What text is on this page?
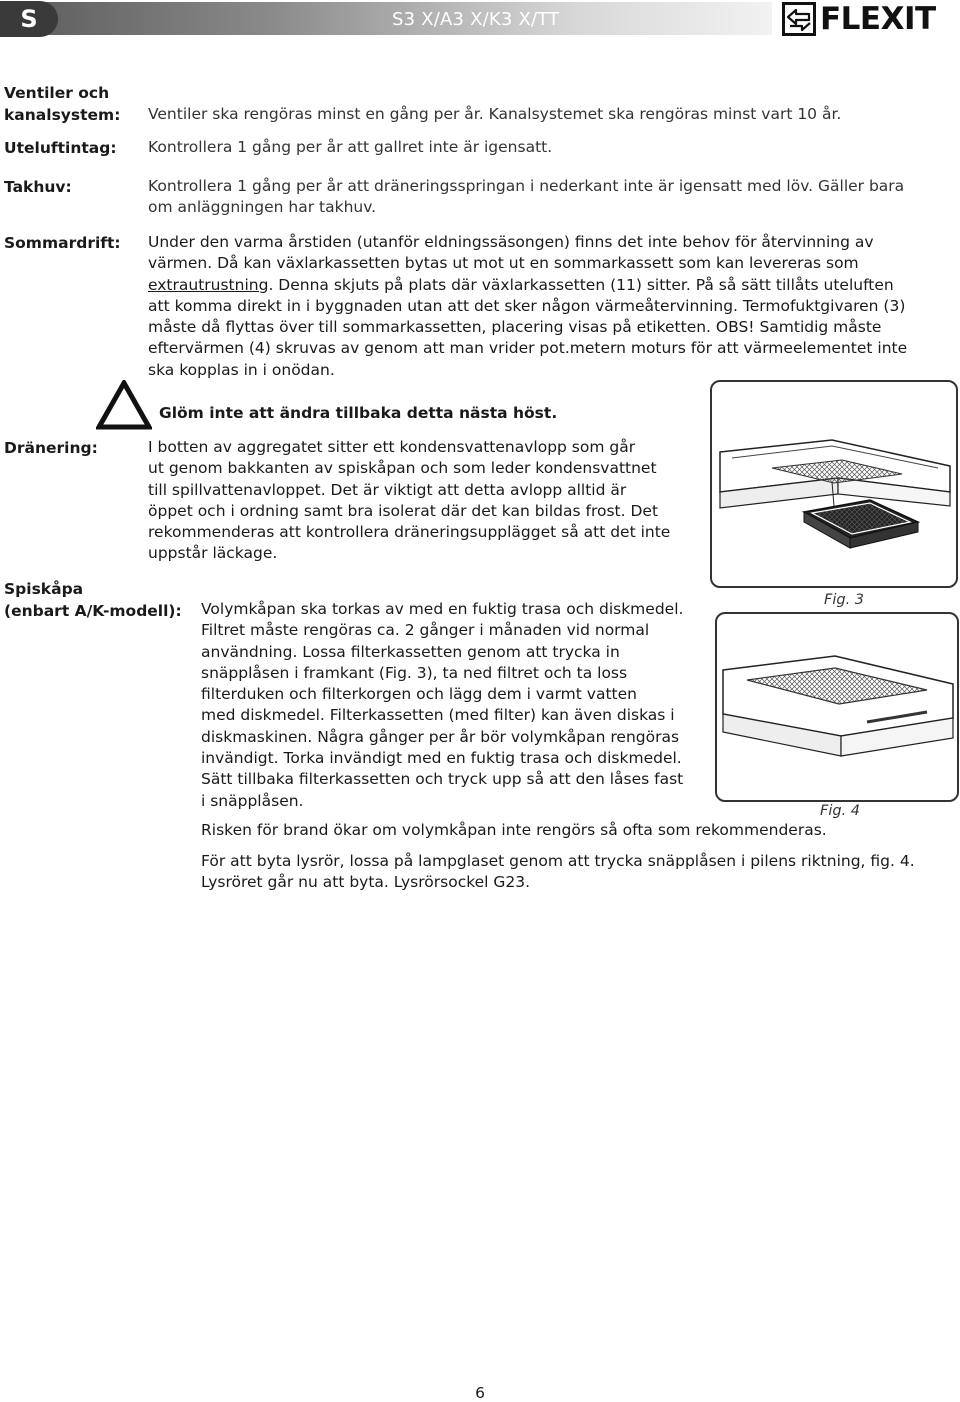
S	S3 X/A3 X/K3 X/TT	FLEXIT
Ventiler och
kanalsystem: Ventiler ska rengöras minst en gång per år. Kanalsystemet ska rengöras minst vart 10 år.
Uteluftintag: Kontrollera 1 gång per år att gallret inte är igensatt.
Takhuv:	Kontrollera 1 gång per år att dräneringsspringan i nederkant inte är igensatt med löv. Gäller bara

om anläggningen har takhuv.

Sommardrift: Under den varma årstiden (utanför eldningssäsongen) finns det inte behov för återvinning av

värmen. Då kan växlarkassetten bytas ut mot ut en sommarkassett som kan levereras som

extrautrustning. Denna skjuts på plats där växlarkassetten (11) sitter. På så sätt tillåts uteluften

att komma direkt in i byggnaden utan att det sker någon värmeåtervinning. Termofuktgivaren (3)

måste då flyttas över till sommarkassetten, placering visas på etiketten. OBS! Samtidig måste

eftervärmen (4) skruvas av genom att man vrider pot.metern moturs för att värmeelementet inte

ska kopplas in i onödan.

Glöm inte att ändra tillbaka detta nästa höst.
Fig. 3
Dränering:	I botten av aggregatet sitter ett kondensvattenavlopp som går

ut genom bakkanten av spiskåpan och som leder kondensvattnet

till spillvattenavloppet. Det är viktigt att detta avlopp alltid är

öppet och i ordning samt bra isolerat där det kan bildas frost. Det

rekommenderas att kontrollera dräneringsupplägget så att det inte

uppstår läckage.

Spiskåpa
(enbart A/K-modell): Volymkåpan ska torkas av med en fuktig trasa och diskmedel.

Filtret måste rengöras ca. 2 gånger i månaden vid normal

användning. Lossa filterkassetten genom att trycka in

snäpplåsen i framkant (Fig. 3), ta ned filtret och ta loss

filterduken och filterkorgen och lägg dem i varmt vatten

med diskmedel. Filterkassetten (med filter) kan även diskas i

diskmaskinen. Några gånger per år bör volymkåpan rengöras

invändigt. Torka invändigt med en fuktig trasa och diskmedel.

Sätt tillbaka filterkassetten och tryck upp så att den låses fast

i snäpplåsen.

Fig. 4
Risken för brand ökar om volymkåpan inte rengörs så ofta som rekommenderas.

För att byta lysrör, lossa på lampglaset genom att trycka snäpplåsen i pilens riktning, fig. 4.

Lysröret går nu att byta. Lysrörsockel G23.

6
